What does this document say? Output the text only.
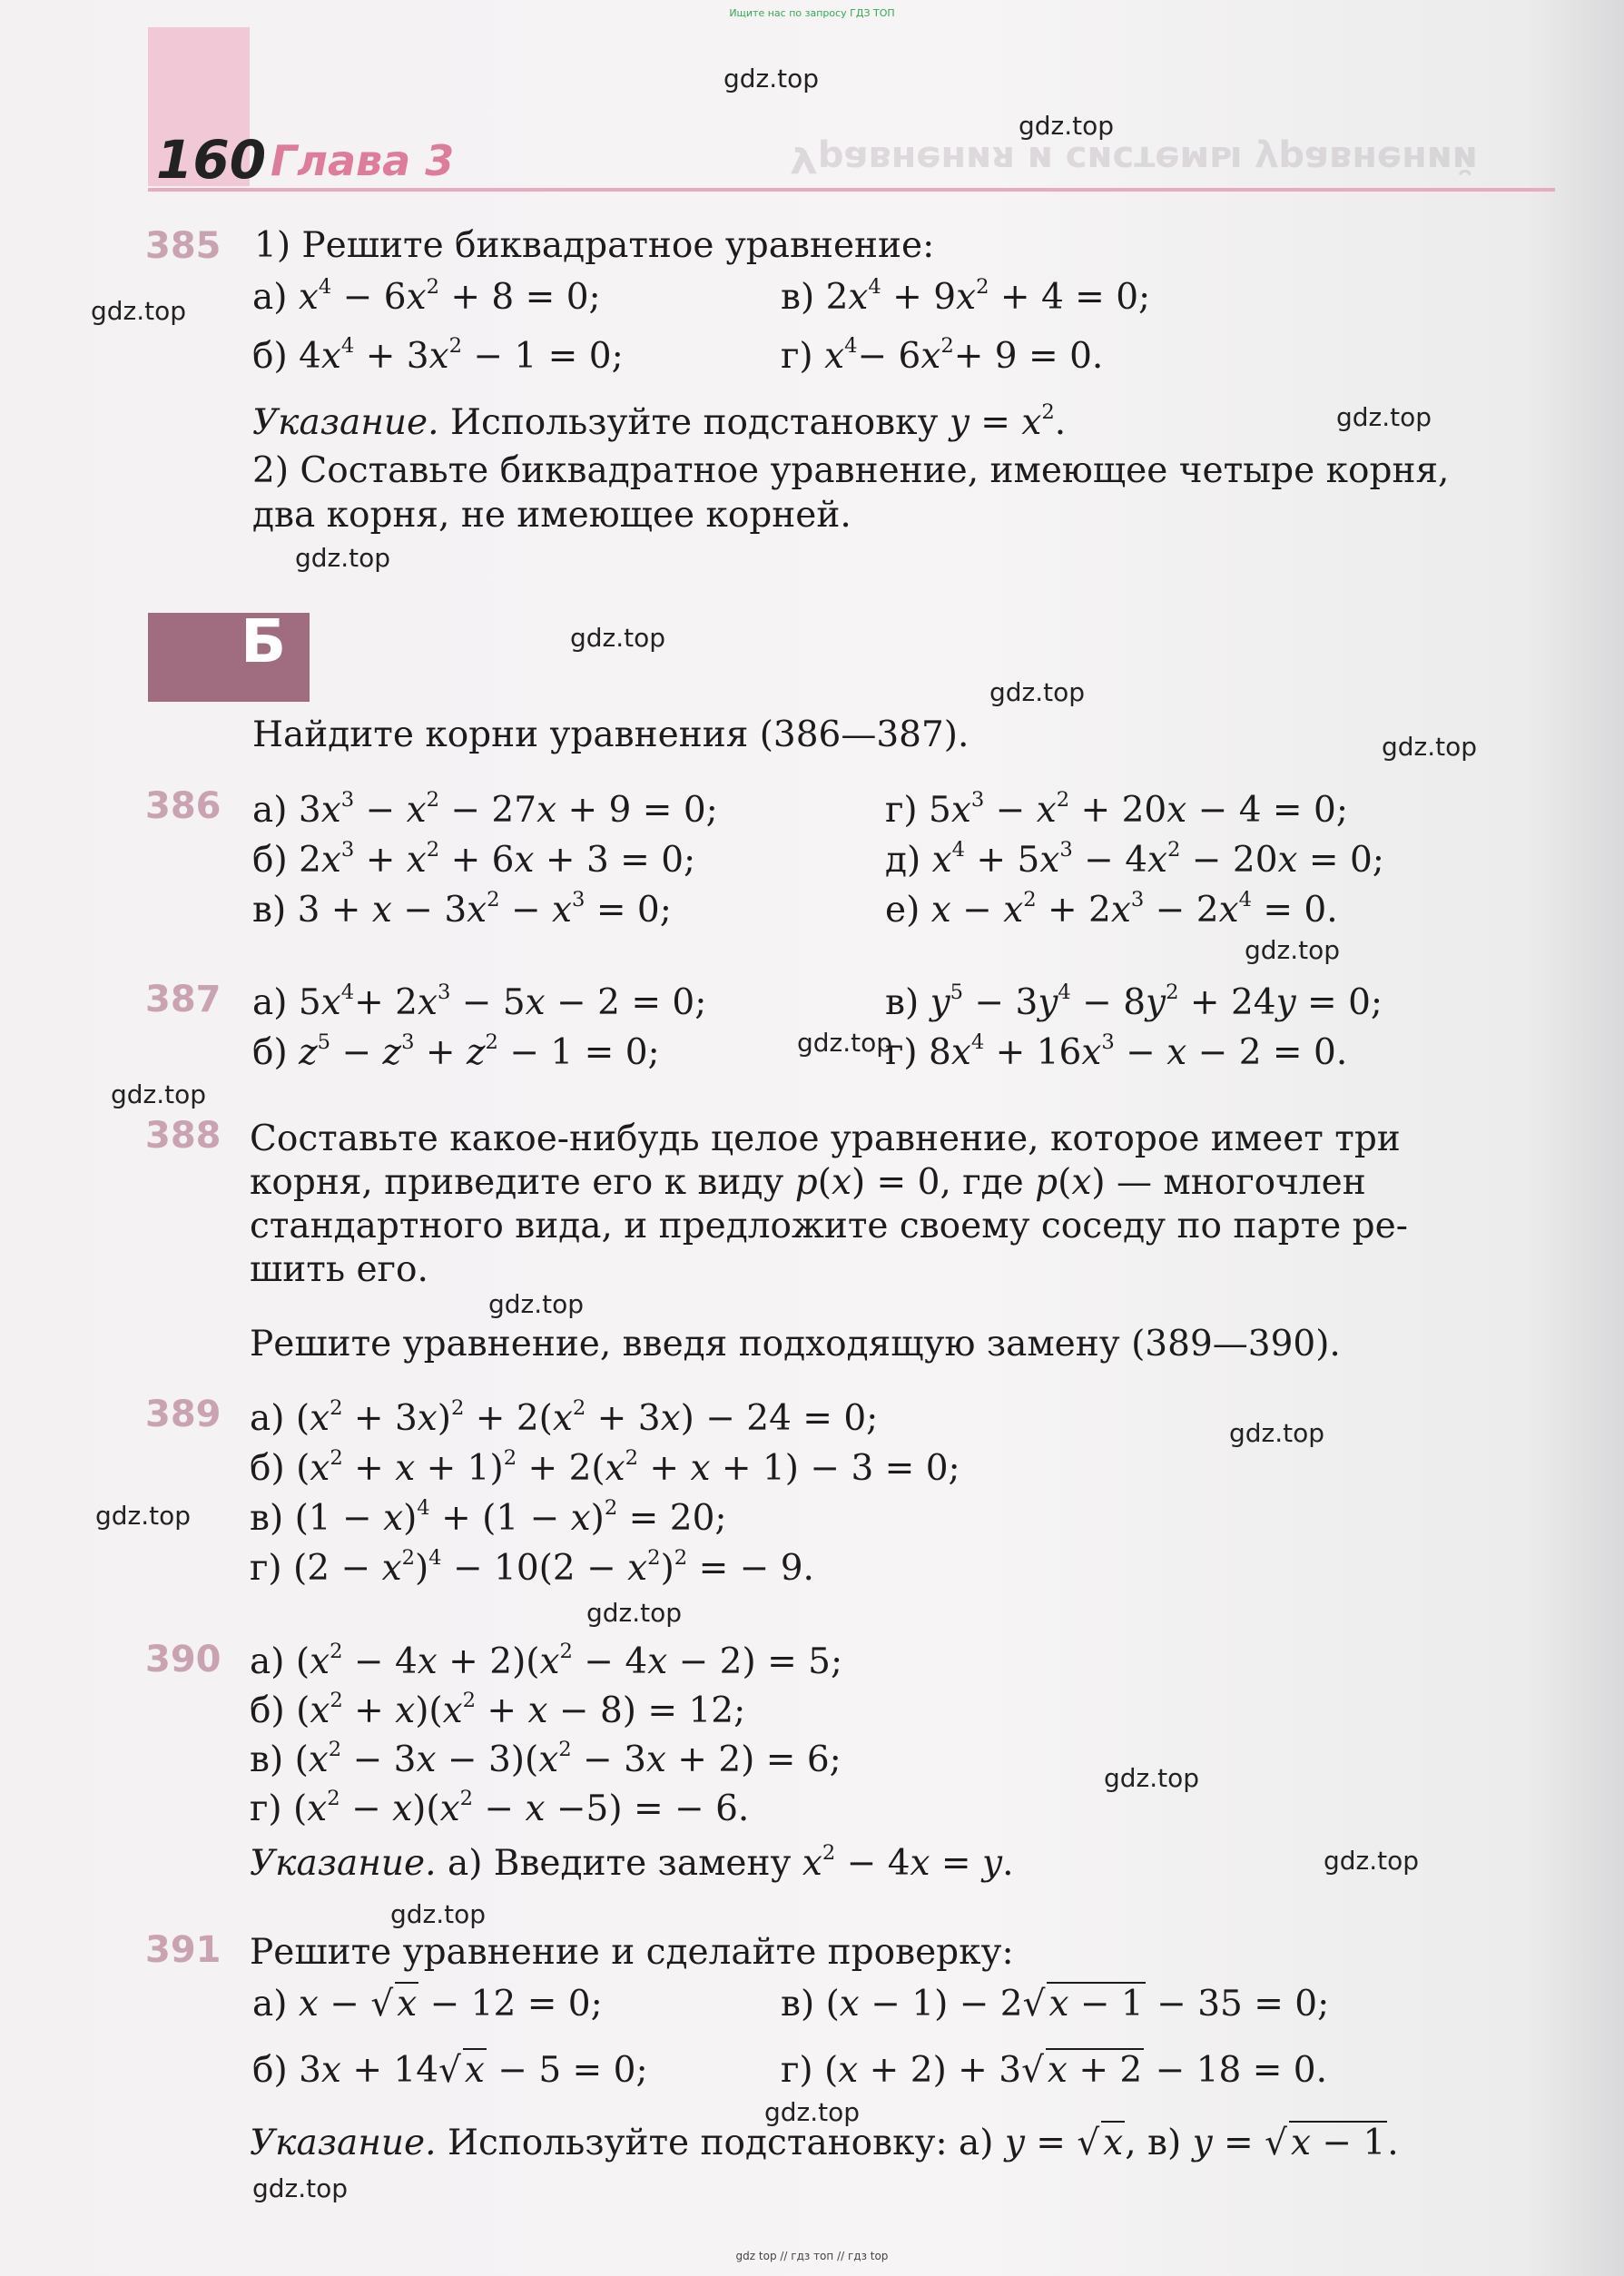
Ищите нас по запросу ГДЗ ТОП
160 Глава 3	Уравнения и системы уравнений
gdz.top
gdz.top
gdz.top
gdz.top
gdz.top
gdz.top
gdz.top
gdz.top
gdz.top
gdz.top
gdz.top
gdz.top
gdz.top
gdz.top
gdz.top
gdz.top
gdz.top
gdz.top
gdz.top
gdz.top
385 1) Решите биквадратное уравнение:
а) $x^4 - 6x^2 + 8 = 0$;	в) $2x^4 + 9x^2 + 4 = 0$;
б) $4x^4 + 3x^2 - 1 = 0$;	г) $x^4- 6x^2+ 9 = 0$.
Указание. Используйте подстановку $y = x^2$.
2) Составьте биквадратное уравнение, имеющее четыре корня,
два корня, не имеющее корней.
Б
Найдите корни уравнения (386—387).
386 а) $3x^3 - x^2 - 27x + 9 = 0$;	г) $5x^3 - x^2 + 20x - 4 = 0$;
б) $2x^3 + x^2 + 6x + 3 = 0$;	д) $x^4 + 5x^3 - 4x^2 - 20x = 0$;
в) $3 + x - 3x^2 - x^3 = 0$;	е) $x - x^2 + 2x^3 - 2x^4 = 0$.
387 а) $5x^4+ 2x^3 - 5x - 2 = 0$;	в) $y^5 - 3y^4 - 8y^2 + 24y = 0$;
б) $z^5 - z^3 + z^2 - 1 = 0$;	г) $8x^4 + 16x^3 - x - 2 = 0$.
388 Составьте какое-нибудь целое уравнение, которое имеет три
корня, приведите его к виду p(x) = 0, где p(x) — многочлен
стандартного вида, и предложите своему соседу по парте ре-
шить его.
Решите уравнение, введя подходящую замену (389—390).
389 а) $(x^2 + 3x)^2 + 2(x^2 + 3x) - 24 = 0$;
б) $(x^2 + x + 1)^2 + 2(x^2 + x + 1) - 3 = 0$;
в) $(1 - x)^4 + (1 - x)^2 = 20$;
г) $(2 - x^2)^4 - 10(2 - x^2)^2$ = − 9.
390 а) $(x^2 - 4x + 2)(x^2 - 4x - 2) = 5$;
б) $(x^2 + x)(x^2 + x - 8) = 12$;
в) $(x^2 - 3x - 3)(x^2 - 3x + 2) = 6$;
г) $(x^2 - x)(x^2 - x -5)$ = − 6.
Указание. а) Введите замену $x^2 - 4x = y$.
391 Решите уравнение и сделайте проверку:
а) x − √ x − 12 = 0;	в) (x − 1) − 2√ x − 1 − 35 = 0;
б) 3x + 14√ x − 5 = 0;	г) (x + 2) + 3√ x + 2 − 18 = 0.
Указание. Используйте подстановку: а) y = √ x, в) y = √ x − 1.
gdz top // гдз топ // гдз top
